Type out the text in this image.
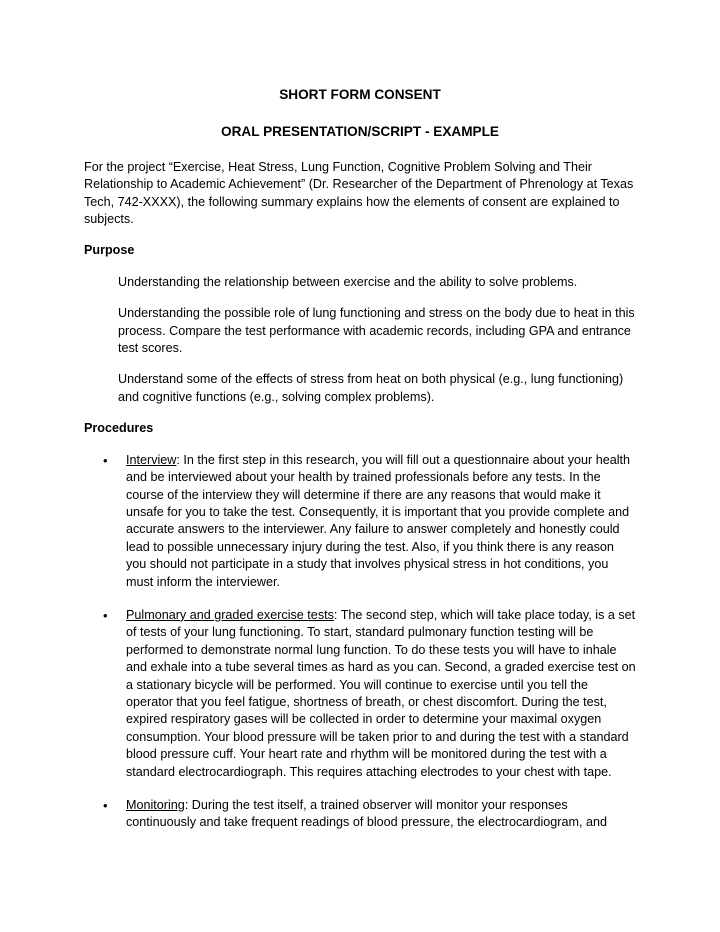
SHORT FORM CONSENT

ORAL PRESENTATION/SCRIPT - EXAMPLE

For the project “Exercise, Heat Stress, Lung Function, Cognitive Problem Solving and Their Relationship to Academic Achievement” (Dr. Researcher of the Department of Phrenology at Texas Tech, 742-XXXX), the following summary explains how the elements of consent are explained to subjects.

Purpose

Understanding the relationship between exercise and the ability to solve problems.

Understanding the possible role of lung functioning and stress on the body due to heat in this process. Compare the test performance with academic records, including GPA and entrance test scores.

Understand some of the effects of stress from heat on both physical (e.g., lung functioning) and cognitive functions (e.g., solving complex problems).

Procedures

• Interview: In the first step in this research, you will fill out a questionnaire about your health and be interviewed about your health by trained professionals before any tests. In the course of the interview they will determine if there are any reasons that would make it unsafe for you to take the test. Consequently, it is important that you provide complete and accurate answers to the interviewer. Any failure to answer completely and honestly could lead to possible unnecessary injury during the test. Also, if you think there is any reason you should not participate in a study that involves physical stress in hot conditions, you must inform the interviewer.
• Pulmonary and graded exercise tests: The second step, which will take place today, is a set of tests of your lung functioning. To start, standard pulmonary function testing will be performed to demonstrate normal lung function. To do these tests you will have to inhale and exhale into a tube several times as hard as you can. Second, a graded exercise test on a stationary bicycle will be performed. You will continue to exercise until you tell the operator that you feel fatigue, shortness of breath, or chest discomfort. During the test, expired respiratory gases will be collected in order to determine your maximal oxygen consumption. Your blood pressure will be taken prior to and during the test with a standard blood pressure cuff. Your heart rate and rhythm will be monitored during the test with a standard electrocardiograph. This requires attaching electrodes to your chest with tape.
• Monitoring: During the test itself, a trained observer will monitor your responses continuously and take frequent readings of blood pressure, the electrocardiogram, and
